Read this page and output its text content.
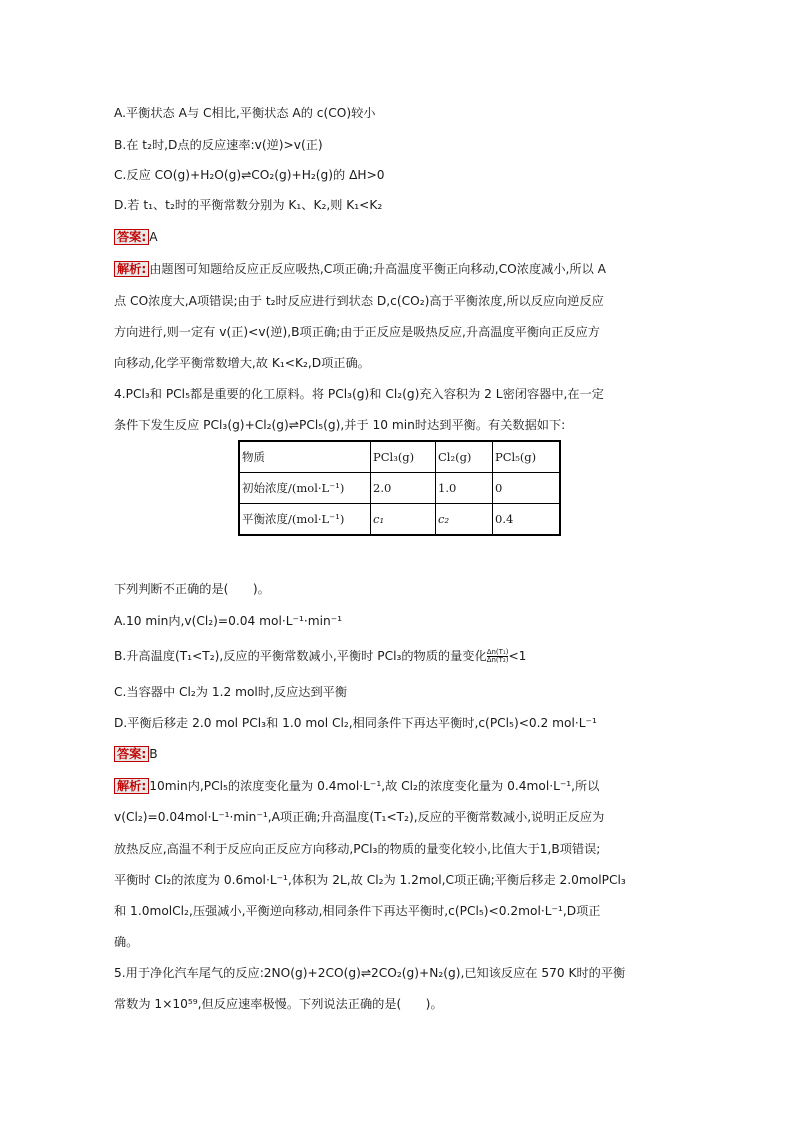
A.平衡状态 A与 C相比,平衡状态 A的 c(CO)较小
B.在 t₂时,D点的反应速率:v(逆)>v(正)
C.反应 CO(g)+H₂O(g)⇌CO₂(g)+H₂(g)的 ΔH>0
D.若 t₁、t₂时的平衡常数分别为 K₁、K₂,则 K₁<K₂
答案: A
解析: 由题图可知题给反应正反应吸热,C项正确;升高温度平衡正向移动,CO浓度减小,所以 A
点 CO浓度大,A项错误;由于 t₂时反应进行到状态 D,c(CO₂)高于平衡浓度,所以反应向逆反应
方向进行,则一定有 v(正)<v(逆),B项正确;由于正反应是吸热反应,升高温度平衡向正反应方
向移动,化学平衡常数增大,故 K₁<K₂,D项正确。
4.PCl₃和 PCl₅都是重要的化工原料。将 PCl₃(g)和 Cl₂(g)充入容积为 2 L密闭容器中,在一定
条件下发生反应 PCl₃(g)+Cl₂(g)⇌PCl₅(g),并于 10 min时达到平衡。有关数据如下:
物质	PCl₃(g)	Cl₂(g)	PCl₅(g)
初始浓度/(mol·L⁻¹)	2.0	1.0	0
平衡浓度/(mol·L⁻¹)	c₁	c₂	0.4
下列判断不正确的是(　　)。
A.10 min内,v(Cl₂)=0.04 mol·L⁻¹·min⁻¹
B.升高温度(T₁<T₂),反应的平衡常数减小,平衡时 PCl₃的物质的量变化 $\frac{\text{Δn(T₁)}}{\text{Δn(T₂)}} <1$
C.当容器中 Cl₂为 1.2 mol时,反应达到平衡
D.平衡后移走 2.0 mol PCl₃和 1.0 mol Cl₂,相同条件下再达平衡时,c(PCl₅)<0.2 mol·L⁻¹
答案: B
解析: 10min内,PCl₅的浓度变化量为 0.4mol·L⁻¹,故 Cl₂的浓度变化量为 0.4mol·L⁻¹,所以
v(Cl₂)=0.04mol·L⁻¹·min⁻¹,A项正确;升高温度(T₁<T₂),反应的平衡常数减小,说明正反应为
放热反应,高温不利于反应向正反应方向移动,PCl₃的物质的量变化较小,比值大于1,B项错误;
平衡时 Cl₂的浓度为 0.6mol·L⁻¹,体积为 2L,故 Cl₂为 1.2mol,C项正确;平衡后移走 2.0molPCl₃
和 1.0molCl₂,压强减小,平衡逆向移动,相同条件下再达平衡时,c(PCl₅)<0.2mol·L⁻¹,D项正
确。
5.用于净化汽车尾气的反应:2NO(g)+2CO(g)⇌2CO₂(g)+N₂(g),已知该反应在 570 K时的平衡
常数为 1×10⁵⁹,但反应速率极慢。下列说法正确的是(　　)。
